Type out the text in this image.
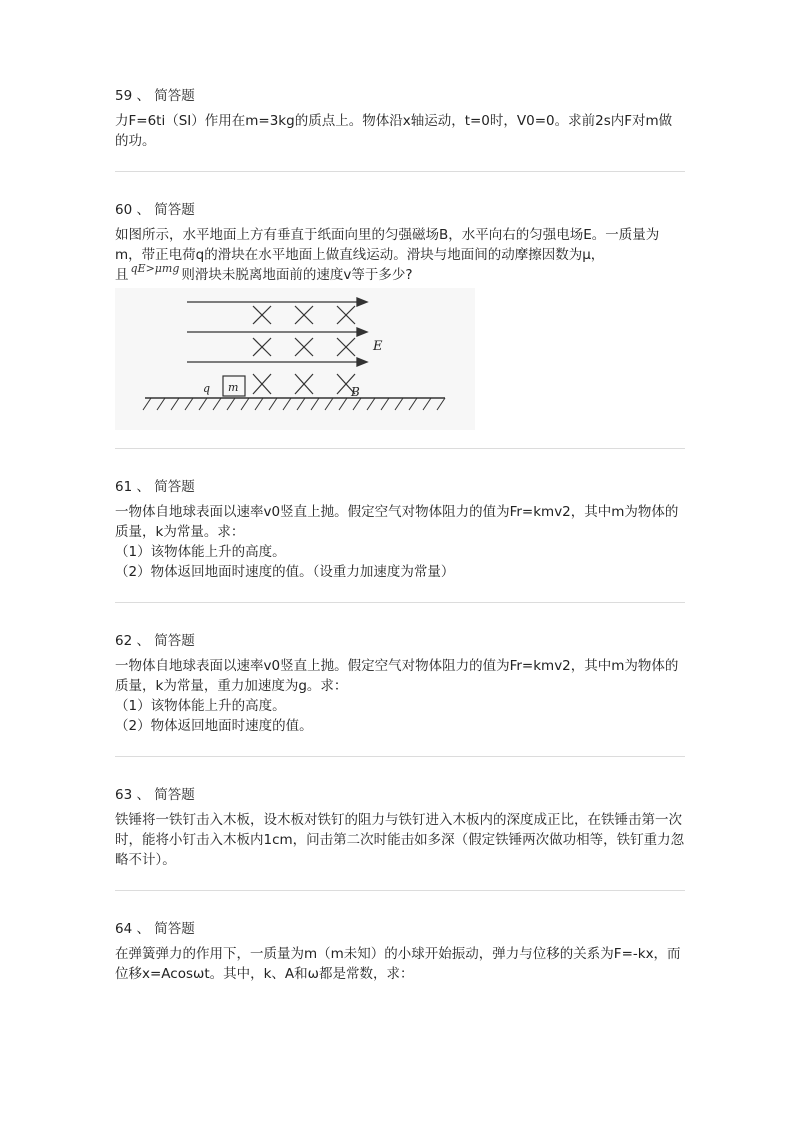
59 、 简答题

力F=6ti（SI）作用在m=3kg的质点上。物体沿x轴运动，t=0时，V0=0。求前2s内F对m做的功。

60 、 简答题

如图所示，水平地面上方有垂直于纸面向里的匀强磁场B，水平向右的匀强电场E。一质量为m，带正电荷q的滑块在水平地面上做直线运动。滑块与地面间的动摩擦因数为μ，

且 $^{qE>\mu mg}$ 则滑块未脱离地面前的速度v等于多少?

E
B
q m
61 、 简答题

一物体自地球表面以速率v0竖直上抛。假定空气对物体阻力的值为Fr=kmv2，其中m为物体的质量，k为常量。求：

（1）该物体能上升的高度。

（2）物体返回地面时速度的值。（设重力加速度为常量）

62 、 简答题

一物体自地球表面以速率v0竖直上抛。假定空气对物体阻力的值为Fr=kmv2，其中m为物体的质量，k为常量，重力加速度为g。求：

（1）该物体能上升的高度。

（2）物体返回地面时速度的值。

63 、 简答题

铁锤将一铁钉击入木板，设木板对铁钉的阻力与铁钉进入木板内的深度成正比，在铁锤击第一次时，能将小钉击入木板内1cm，问击第二次时能击如多深（假定铁锤两次做功相等，铁钉重力忽略不计）。

64 、 简答题

在弹簧弹力的作用下，一质量为m（m未知）的小球开始振动，弹力与位移的关系为F=-kx，而位移x=Acosωt。其中，k、A和ω都是常数，求：
